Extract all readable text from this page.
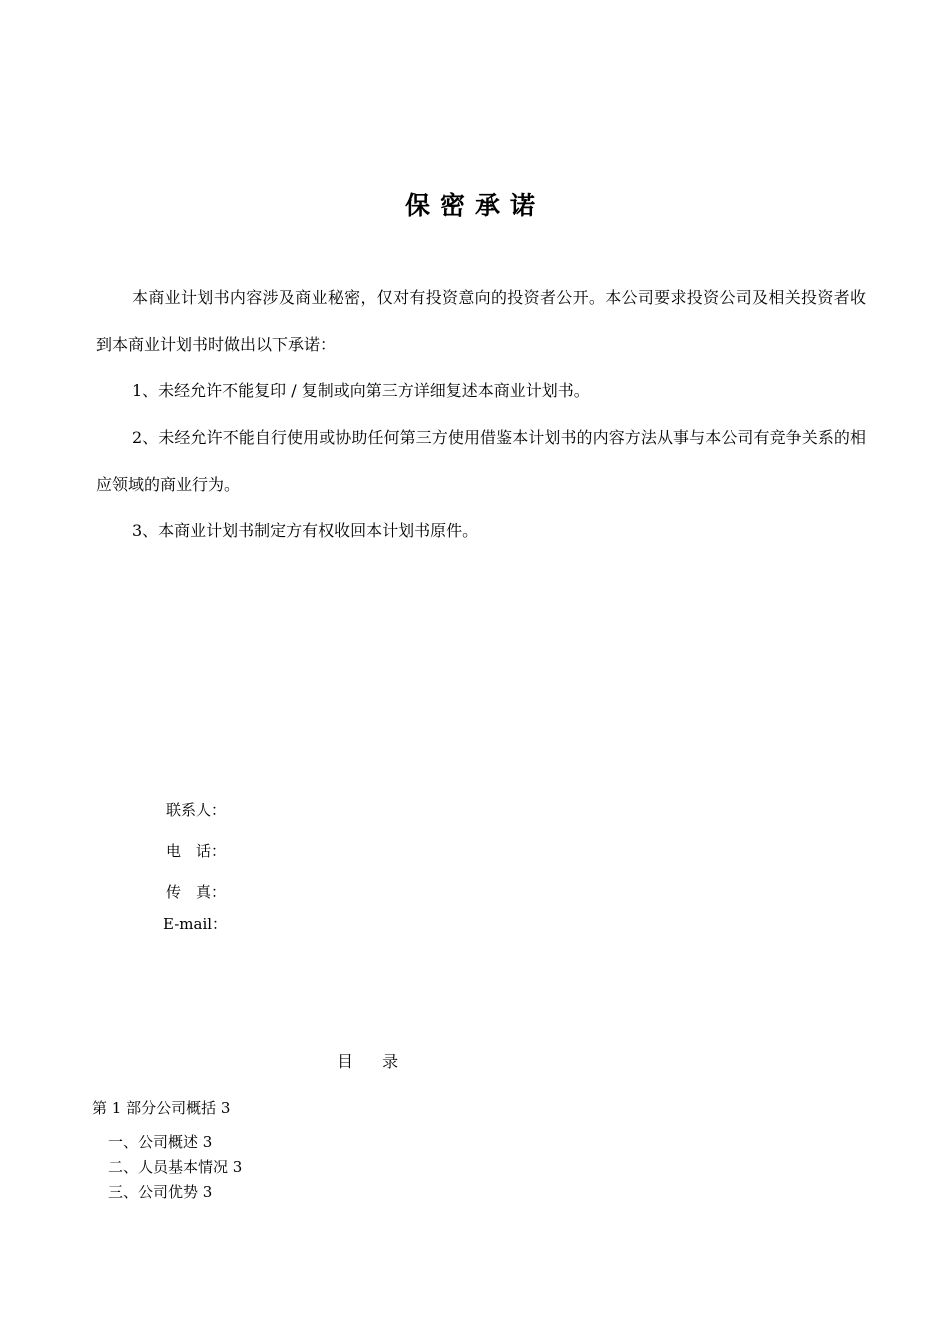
保密承诺

本商业计划书内容涉及商业秘密，仅对有投资意向的投资者公开。本公司要求投资公司及相关投资者收到本商业计划书时做出以下承诺：

1、未经允许不能复印 / 复制或向第三方详细复述本商业计划书。

2、未经允许不能自行使用或协助任何第三方使用借鉴本计划书的内容方法从事与本公司有竞争关系的相应领域的商业行为。

3、本商业计划书制定方有权收回本计划书原件。

联系人：

电　话：

传　真：

E-mail：

目 录

第 1 部分公司概括 3

一、公司概述 3

二、人员基本情况 3

三、公司优势 3
